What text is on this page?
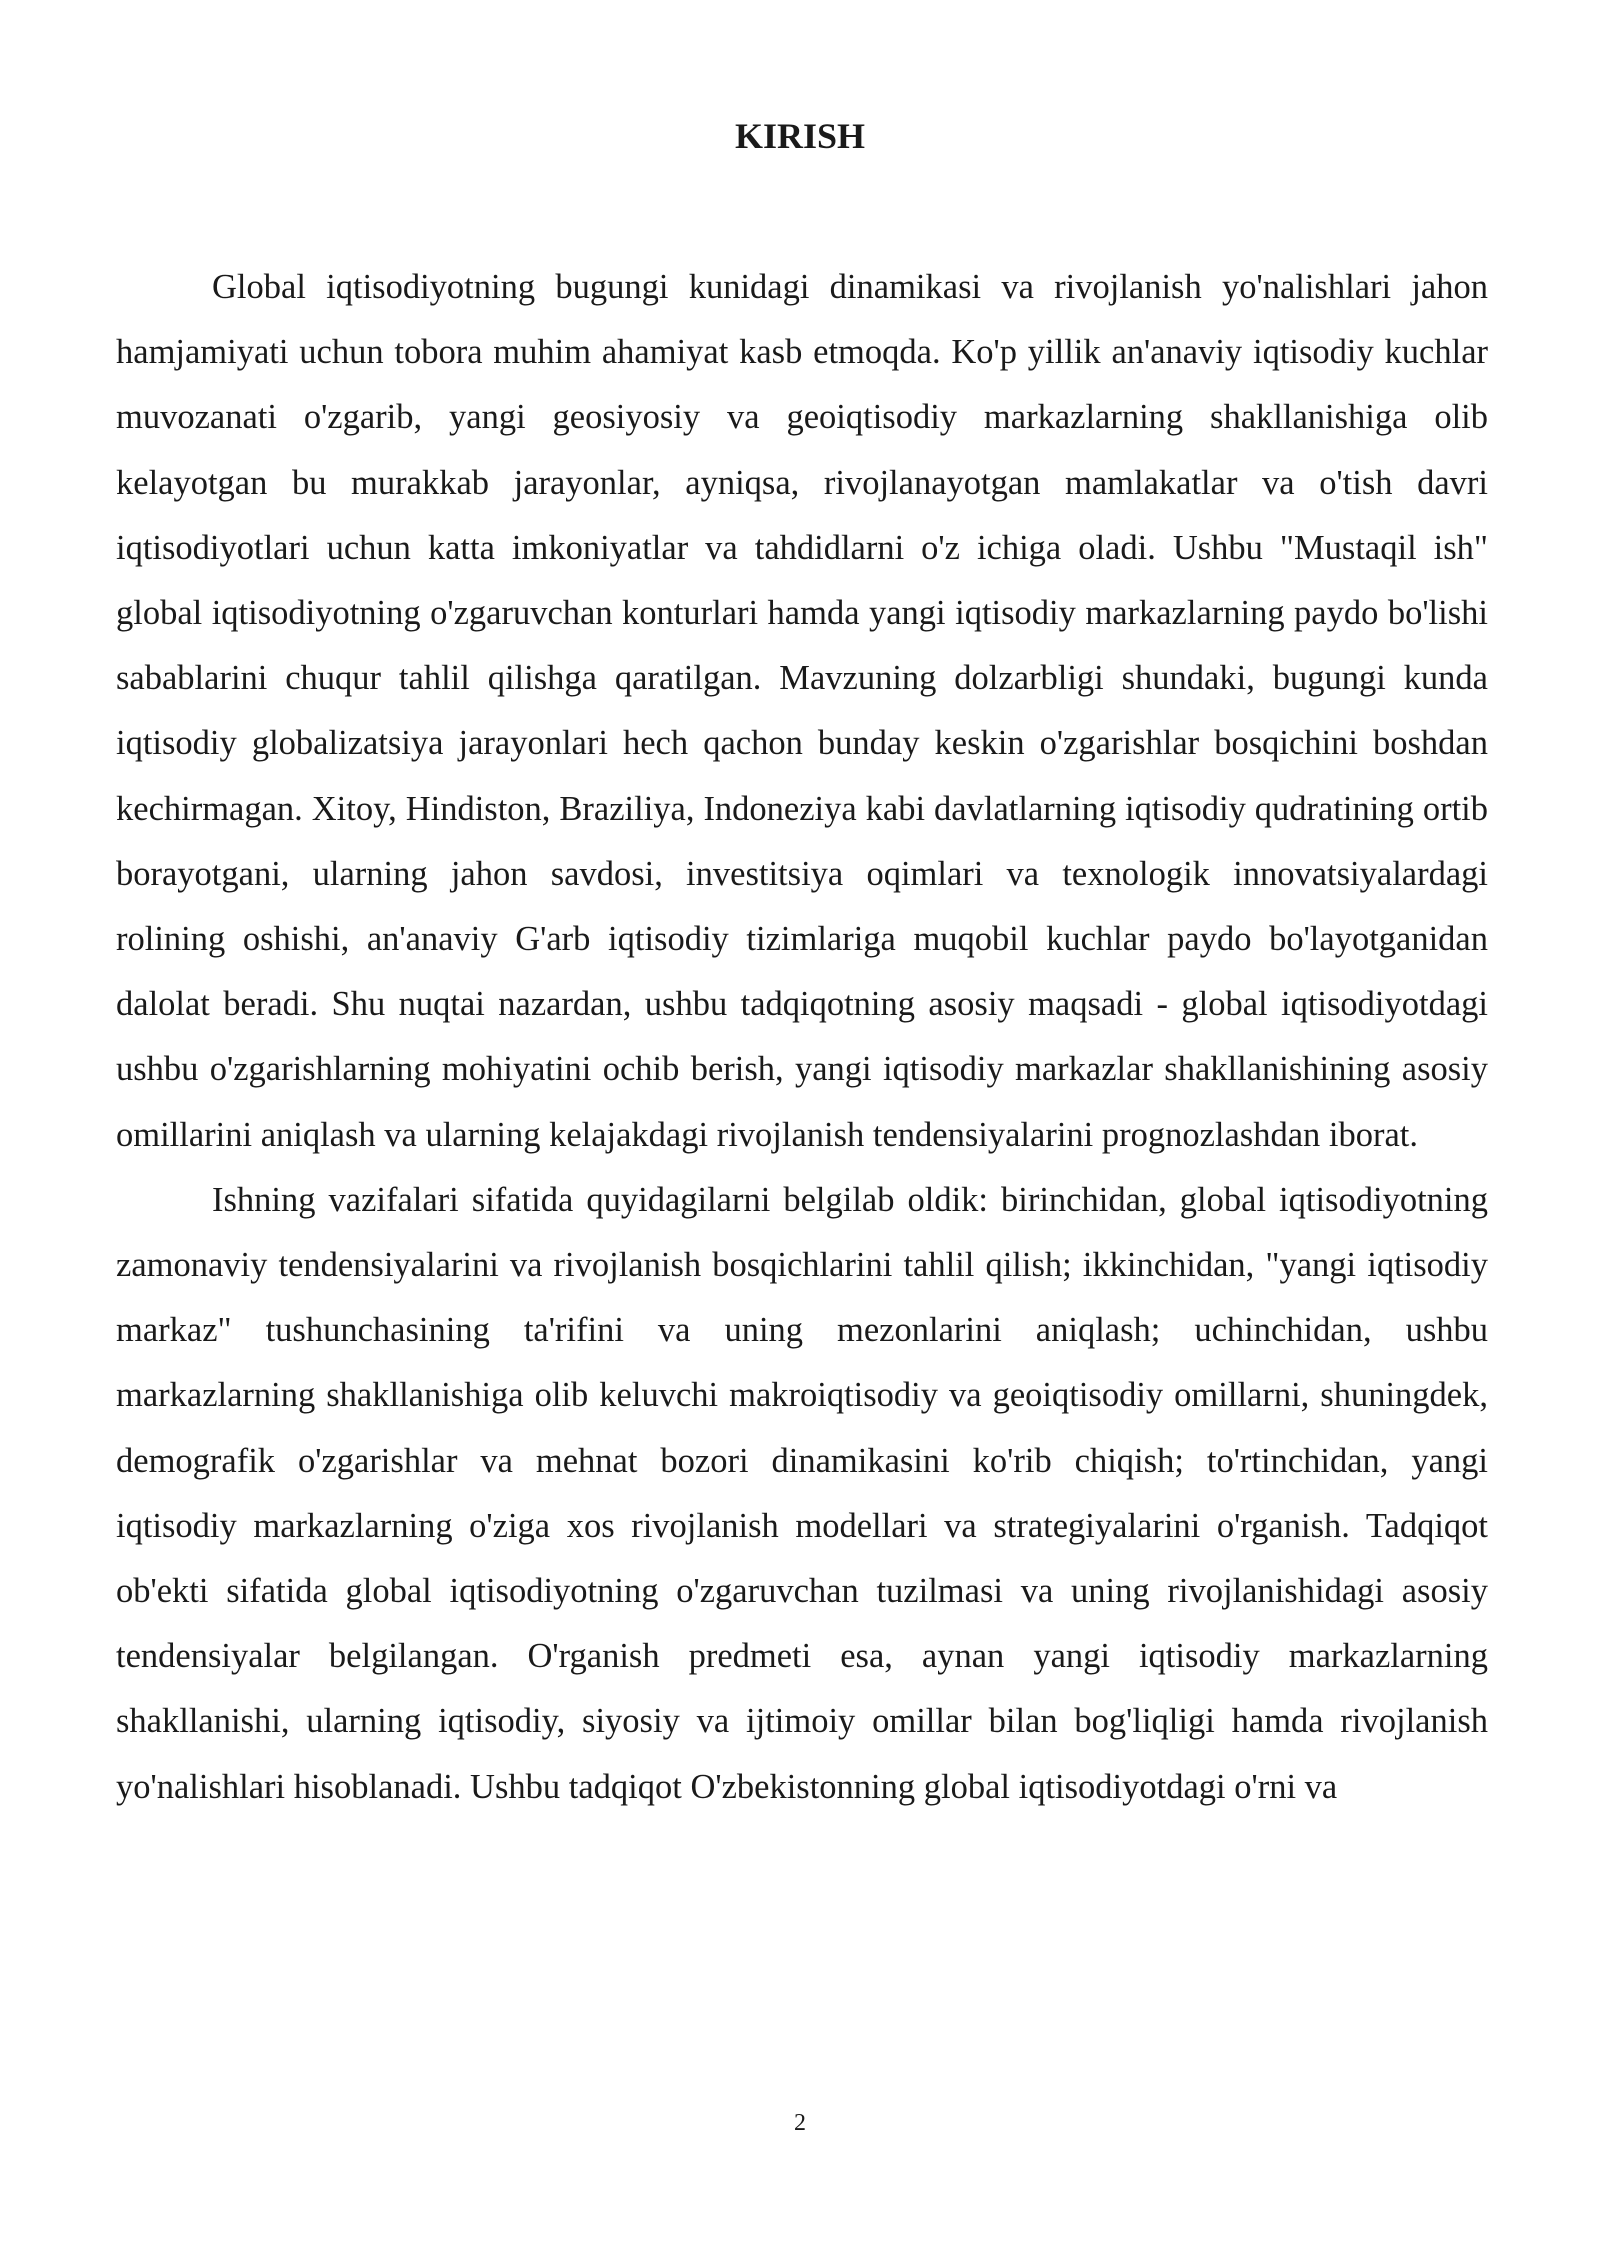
KIRISH

Global iqtisodiyotning bugungi kunidagi dinamikasi va rivojlanish yo'nalishlari jahon hamjamiyati uchun tobora muhim ahamiyat kasb etmoqda. Ko'p yillik an'anaviy iqtisodiy kuchlar muvozanati o'zgarib, yangi geosiyosiy va geoiqtisodiy markazlarning shakllanishiga olib kelayotgan bu murakkab jarayonlar, ayniqsa, rivojlanayotgan mamlakatlar va o'tish davri iqtisodiyotlari uchun katta imkoniyatlar va tahdidlarni o'z ichiga oladi. Ushbu "Mustaqil ish" global iqtisodiyotning o'zgaruvchan konturlari hamda yangi iqtisodiy markazlarning paydo bo'lishi sabablarini chuqur tahlil qilishga qaratilgan. Mavzuning dolzarbligi shundaki, bugungi kunda iqtisodiy globalizatsiya jarayonlari hech qachon bunday keskin o'zgarishlar bosqichini boshdan kechirmagan. Xitoy, Hindiston, Braziliya, Indoneziya kabi davlatlarning iqtisodiy qudratining ortib borayotgani, ularning jahon savdosi, investitsiya oqimlari va texnologik innovatsiyalardagi rolining oshishi, an'anaviy G'arb iqtisodiy tizimlariga muqobil kuchlar paydo bo'layotganidan dalolat beradi. Shu nuqtai nazardan, ushbu tadqiqotning asosiy maqsadi - global iqtisodiyotdagi ushbu o'zgarishlarning mohiyatini ochib berish, yangi iqtisodiy markazlar shakllanishining asosiy omillarini aniqlash va ularning kelajakdagi rivojlanish tendensiyalarini prognozlashdan iborat.

Ishning vazifalari sifatida quyidagilarni belgilab oldik: birinchidan, global iqtisodiyotning zamonaviy tendensiyalarini va rivojlanish bosqichlarini tahlil qilish; ikkinchidan, "yangi iqtisodiy markaz" tushunchasining ta'rifini va uning mezonlarini aniqlash; uchinchidan, ushbu markazlarning shakllanishiga olib keluvchi makroiqtisodiy va geoiqtisodiy omillarni, shuningdek, demografik o'zgarishlar va mehnat bozori dinamikasini ko'rib chiqish; to'rtinchidan, yangi iqtisodiy markazlarning o'ziga xos rivojlanish modellari va strategiyalarini o'rganish. Tadqiqot ob'ekti sifatida global iqtisodiyotning o'zgaruvchan tuzilmasi va uning rivojlanishidagi asosiy tendensiyalar belgilangan. O'rganish predmeti esa, aynan yangi iqtisodiy markazlarning shakllanishi, ularning iqtisodiy, siyosiy va ijtimoiy omillar bilan bog'liqligi hamda rivojlanish yo'nalishlari hisoblanadi. Ushbu tadqiqot O'zbekistonning global iqtisodiyotdagi o'rni va

2
